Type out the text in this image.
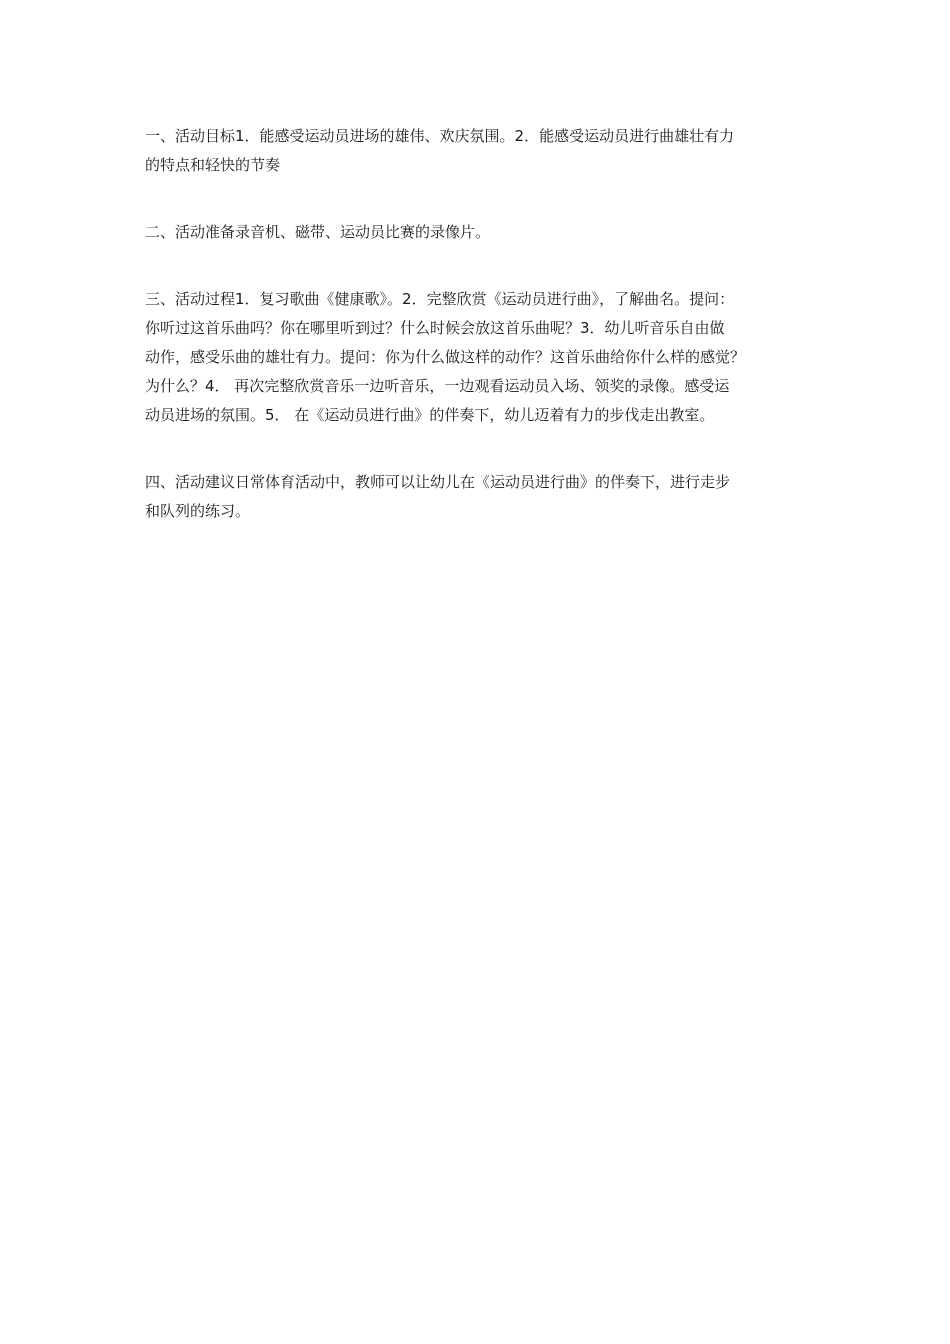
一、活动目标1．能感受运动员进场的雄伟、欢庆氛围。2．能感受运动员进行曲雄壮有力
的特点和轻快的节奏

二、活动准备录音机、磁带、运动员比赛的录像片。

三、活动过程1．复习歌曲《健康歌》。2．完整欣赏《运动员进行曲》，了解曲名。提问：
你听过这首乐曲吗？你在哪里听到过？什么时候会放这首乐曲呢？3．幼儿听音乐自由做
动作，感受乐曲的雄壮有力。提问：你为什么做这样的动作？这首乐曲给你什么样的感觉？
为什么？4． 再次完整欣赏音乐一边听音乐，一边观看运动员入场、领奖的录像。感受运
动员进场的氛围。5． 在《运动员进行曲》的伴奏下，幼儿迈着有力的步伐走出教室。

四、活动建议日常体育活动中，教师可以让幼儿在《运动员进行曲》的伴奏下，进行走步
和队列的练习。
